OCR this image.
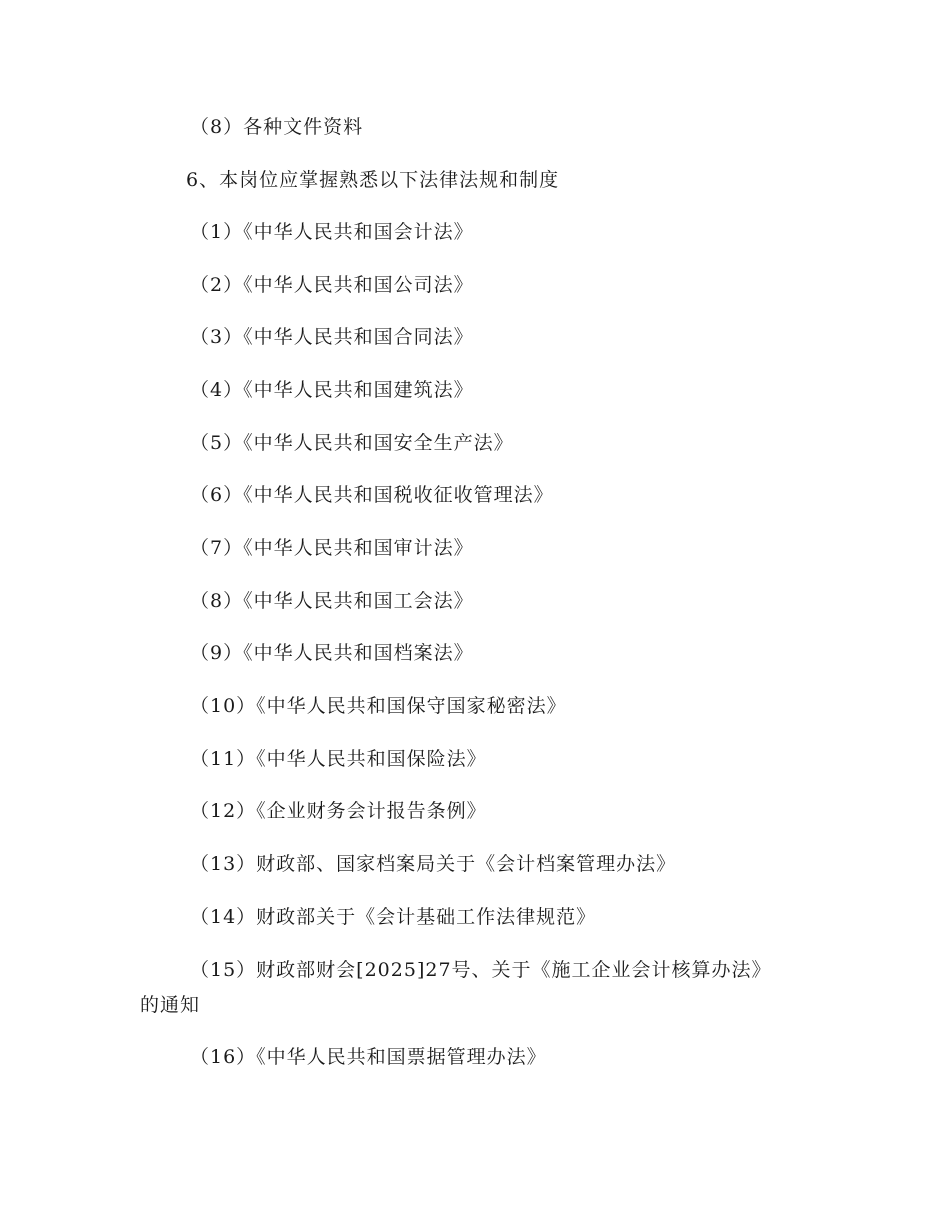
（8）各种文件资料
6、本岗位应掌握熟悉以下法律法规和制度
（1）《中华人民共和国会计法》
（2）《中华人民共和国公司法》
（3）《中华人民共和国合同法》
（4）《中华人民共和国建筑法》
（5）《中华人民共和国安全生产法》
（6）《中华人民共和国税收征收管理法》
（7）《中华人民共和国审计法》
（8）《中华人民共和国工会法》
（9）《中华人民共和国档案法》
（10）《中华人民共和国保守国家秘密法》
（11）《中华人民共和国保险法》
（12）《企业财务会计报告条例》
（13）财政部、国家档案局关于《会计档案管理办法》
（14）财政部关于《会计基础工作法律规范》
（15）财政部财会[2025]27号、关于《施工企业会计核算办法》
的通知
（16）《中华人民共和国票据管理办法》
